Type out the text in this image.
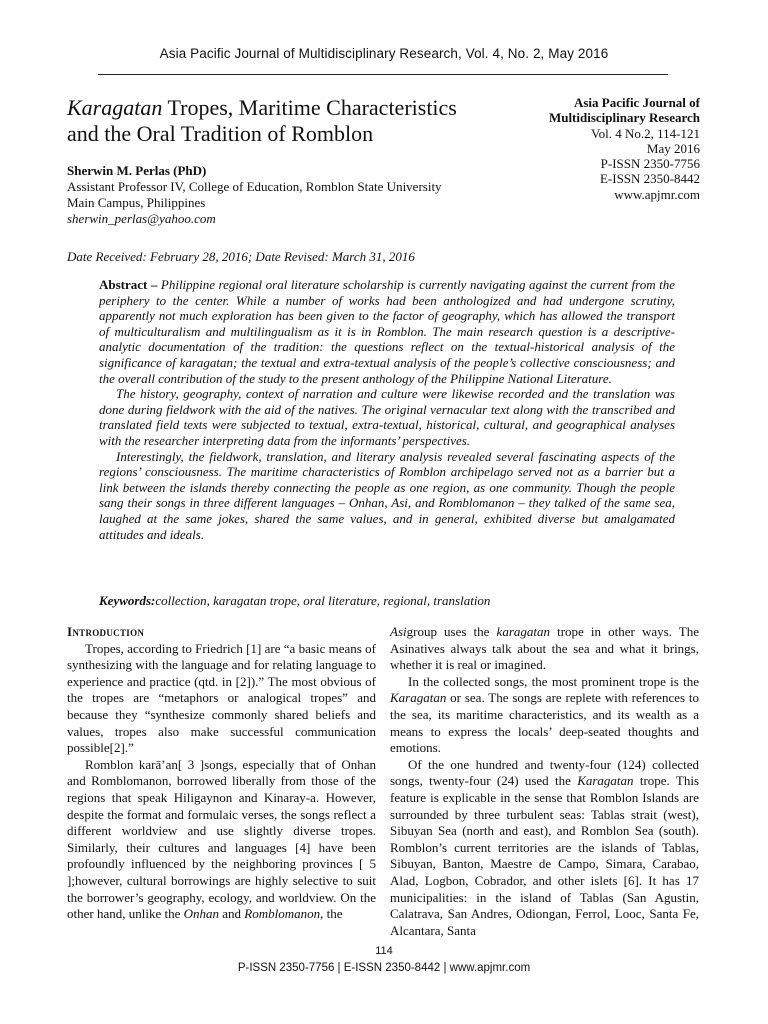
Asia Pacific Journal of Multidisciplinary Research, Vol. 4, No. 2, May 2016
Karagatan Tropes, Maritime Characteristics
and the Oral Tradition of Romblon
Asia Pacific Journal of
Multidisciplinary Research
Vol. 4 No.2, 114-121
May 2016
P-ISSN 2350-7756
E-ISSN 2350-8442
www.apjmr.com
Sherwin M. Perlas (PhD)
Assistant Professor IV, College of Education, Romblon State University
Main Campus, Philippines
sherwin_perlas@yahoo.com
Date Received: February 28, 2016; Date Revised: March 31, 2016

Abstract – Philippine regional oral literature scholarship is currently navigating against the current from the periphery to the center. While a number of works had been anthologized and had undergone scrutiny, apparently not much exploration has been given to the factor of geography, which has allowed the transport of multiculturalism and multilingualism as it is in Romblon. The main research question is a descriptive-analytic documentation of the tradition: the questions reflect on the textual-historical analysis of the significance of karagatan; the textual and extra-textual analysis of the people’s collective consciousness; and the overall contribution of the study to the present anthology of the Philippine National Literature.

The history, geography, context of narration and culture were likewise recorded and the translation was done during fieldwork with the aid of the natives. The original vernacular text along with the transcribed and translated field texts were subjected to textual, extra-textual, historical, cultural, and geographical analyses with the researcher interpreting data from the informants’ perspectives.

Interestingly, the fieldwork, translation, and literary analysis revealed several fascinating aspects of the regions’ consciousness. The maritime characteristics of Romblon archipelago served not as a barrier but a link between the islands thereby connecting the people as one region, as one community. Though the people sang their songs in three different languages – Onhan, Asi, and Romblomanon – they talked of the same sea, laughed at the same jokes, shared the same values, and in general, exhibited diverse but amalgamated attitudes and ideals.

Keywords:collection, karagatan trope, oral literature, regional, translation
Introduction

Tropes, according to Friedrich [1] are “a basic means of synthesizing with the language and for relating language to experience and practice (qtd. in [2]).” The most obvious of the tropes are “metaphors or analogical tropes” and because they “synthesize commonly shared beliefs and values, tropes also make successful communication possible[2].”

Romblon karā’an[ 3 ]songs, especially that of Onhan and Romblomanon, borrowed liberally from those of the regions that speak Hiligaynon and Kinaray-a. However, despite the format and formulaic verses, the songs reflect a different worldview and use slightly diverse tropes. Similarly, their cultures and languages [4] have been profoundly influenced by the neighboring provinces [ 5 ];however, cultural borrowings are highly selective to suit the borrower’s geography, ecology, and worldview. On the other hand, unlike the Onhan and Romblomanon, the

Asigroup uses the karagatan trope in other ways. The Asinatives always talk about the sea and what it brings, whether it is real or imagined.

In the collected songs, the most prominent trope is the Karagatan or sea. The songs are replete with references to the sea, its maritime characteristics, and its wealth as a means to express the locals’ deep-seated thoughts and emotions.

Of the one hundred and twenty-four (124) collected songs, twenty-four (24) used the Karagatan trope. This feature is explicable in the sense that Romblon Islands are surrounded by three turbulent seas: Tablas strait (west), Sibuyan Sea (north and east), and Romblon Sea (south). Romblon’s current territories are the islands of Tablas, Sibuyan, Banton, Maestre de Campo, Simara, Carabao, Alad, Logbon, Cobrador, and other islets [6]. It has 17 municipalities: in the island of Tablas (San Agustin, Calatrava, San Andres, Odiongan, Ferrol, Looc, Santa Fe, Alcantara, Santa

114
P-ISSN 2350-7756 | E-ISSN 2350-8442 | www.apjmr.com
